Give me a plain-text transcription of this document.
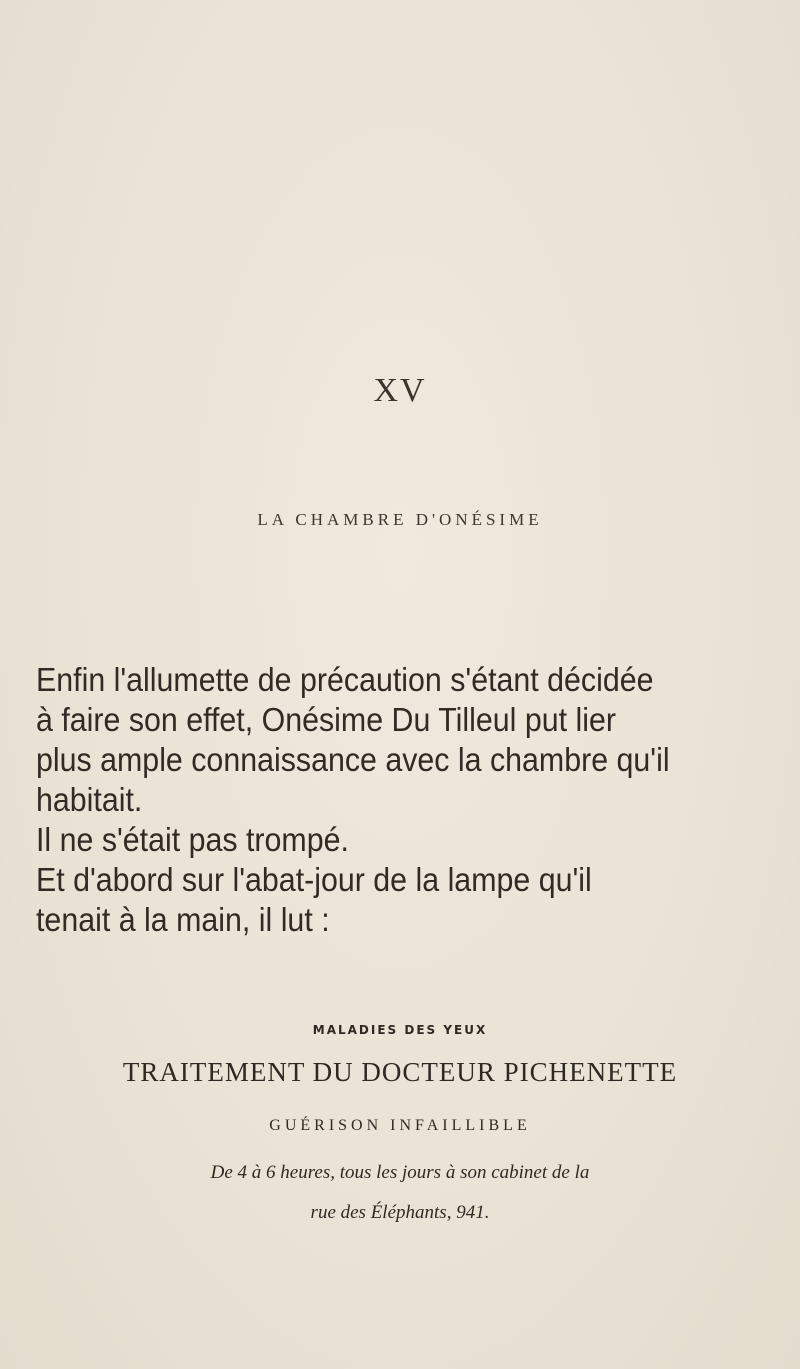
XV
LA CHAMBRE D'ONÉSIME
Enfin l'allumette de précaution s'étant décidée
à faire son effet, Onésime Du Tilleul put lier
plus ample connaissance avec la chambre qu'il
habitait.
Il ne s'était pas trompé.
Et d'abord sur l'abat-jour de la lampe qu'il
tenait à la main, il lut :
MALADIES DES YEUX
TRAITEMENT DU DOCTEUR PICHENETTE
GUÉRISON INFAILLIBLE
De 4 à 6 heures, tous les jours à son cabinet de la
rue des Éléphants, 941.
